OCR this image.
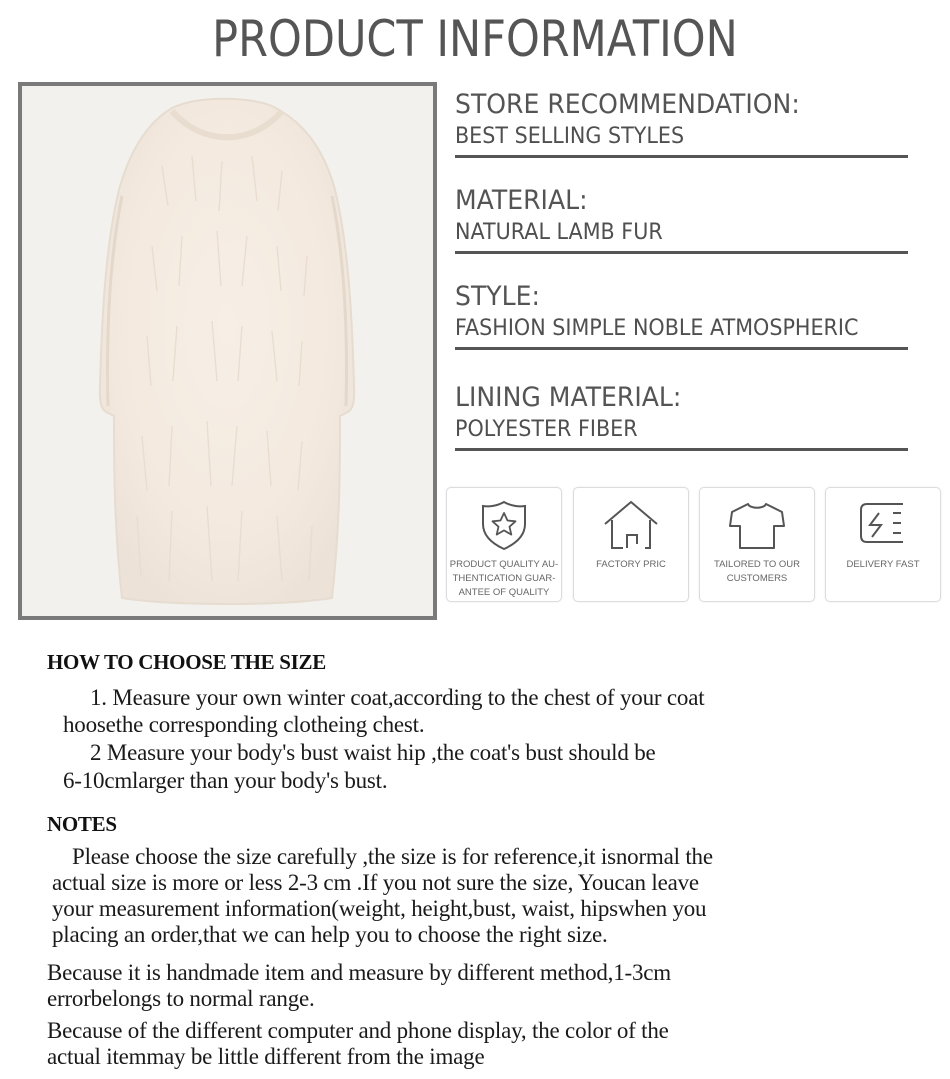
PRODUCT INFORMATION
STORE RECOMMENDATION:
BEST SELLING STYLES
MATERIAL:
NATURAL LAMB FUR
STYLE:
FASHION SIMPLE NOBLE ATMOSPHERIC
LINING MATERIAL:
POLYESTER FIBER
PRODUCT QUALITY AU-
THENTICATION GUAR-
ANTEE OF QUALITY
FACTORY PRIC	TAILORED TO OUR
CUSTOMERS
DELIVERY FAST
HOW TO CHOOSE THE SIZE
1. Measure your own winter coat,according to the chest of your coat
hoosethe corresponding clotheing chest.
2 Measure your body's bust waist hip ,the coat's bust should be
6-10cmlarger than your body's bust.
NOTES
Please choose the size carefully ,the size is for reference,it isnormal the
actual size is more or less 2-3 cm .If you not sure the size, Youcan leave
your measurement information(weight, height,bust, waist, hipswhen you
placing an order,that we can help you to choose the right size.
Because it is handmade item and measure by different method,1-3cm
errorbelongs to normal range.
Because of the different computer and phone display, the color of the
actual itemmay be little different from the image
